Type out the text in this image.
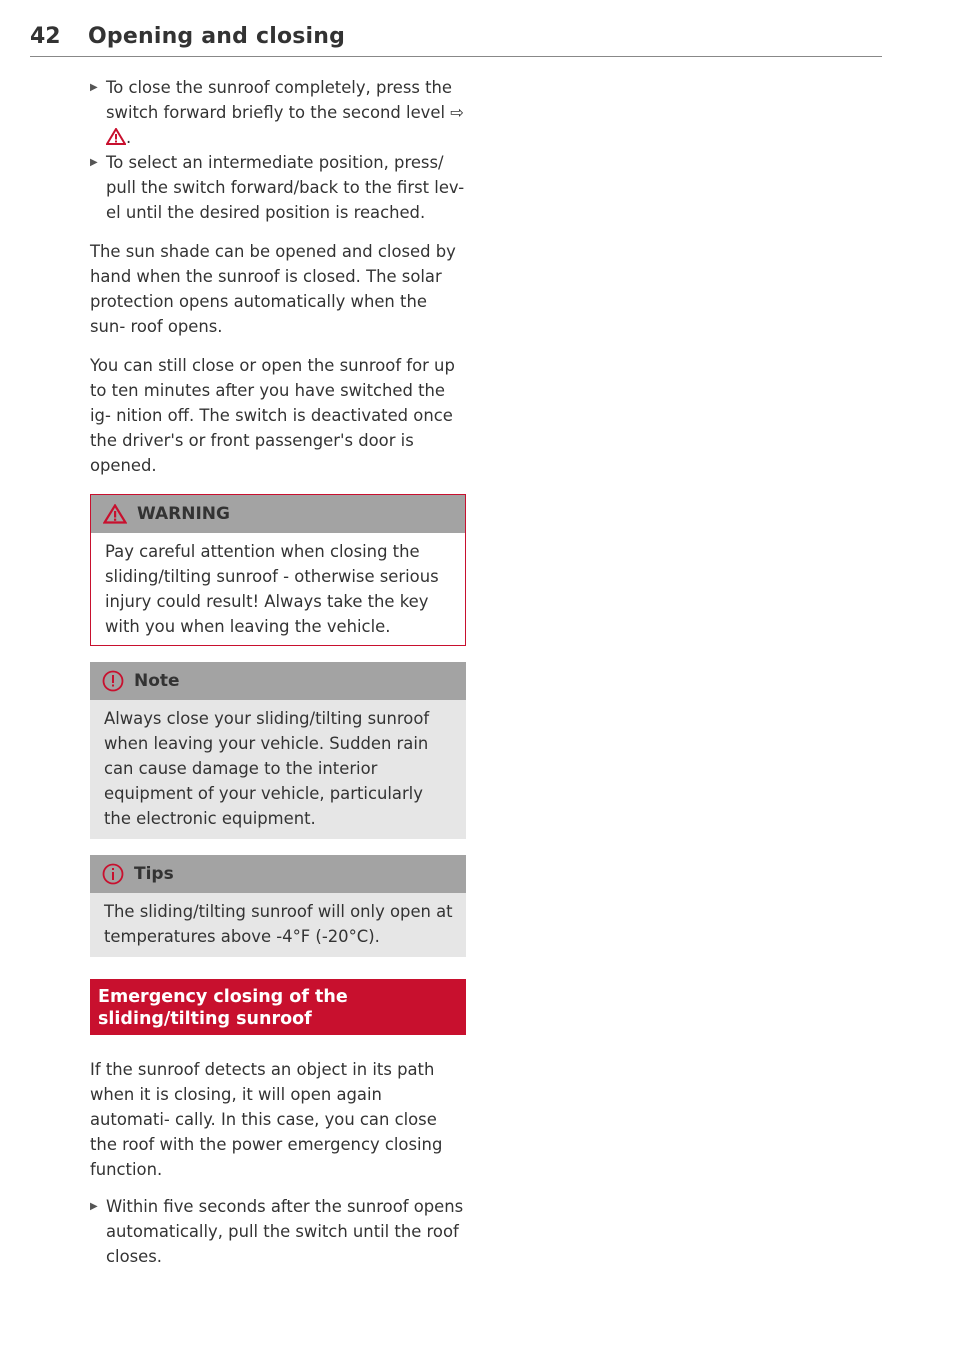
42 Opening and closing
▶ To close the sunroof completely, press the switch forward briefly to the second level ⇨ .
▶ To select an intermediate position, press/ pull the switch forward/back to the first lev- el until the desired position is reached.

The sun shade can be opened and closed by hand when the sunroof is closed. The solar protection opens automatically when the sun- roof opens.

You can still close or open the sunroof for up to ten minutes after you have switched the ig- nition off. The switch is deactivated once the driver's or front passenger's door is opened.

WARNING
Pay careful attention when closing the sliding/tilting sunroof - otherwise serious injury could result! Always take the key with you when leaving the vehicle.
Note
Always close your sliding/tilting sunroof when leaving your vehicle. Sudden rain can cause damage to the interior equipment of your vehicle, particularly the electronic equipment.
Tips
The sliding/tilting sunroof will only open at temperatures above -4°F (-20°C).
Emergency closing of the sliding/tilting sunroof

If the sunroof detects an object in its path when it is closing, it will open again automati- cally. In this case, you can close the roof with the power emergency closing function.

▶ Within five seconds after the sunroof opens automatically, pull the switch until the roof closes.
